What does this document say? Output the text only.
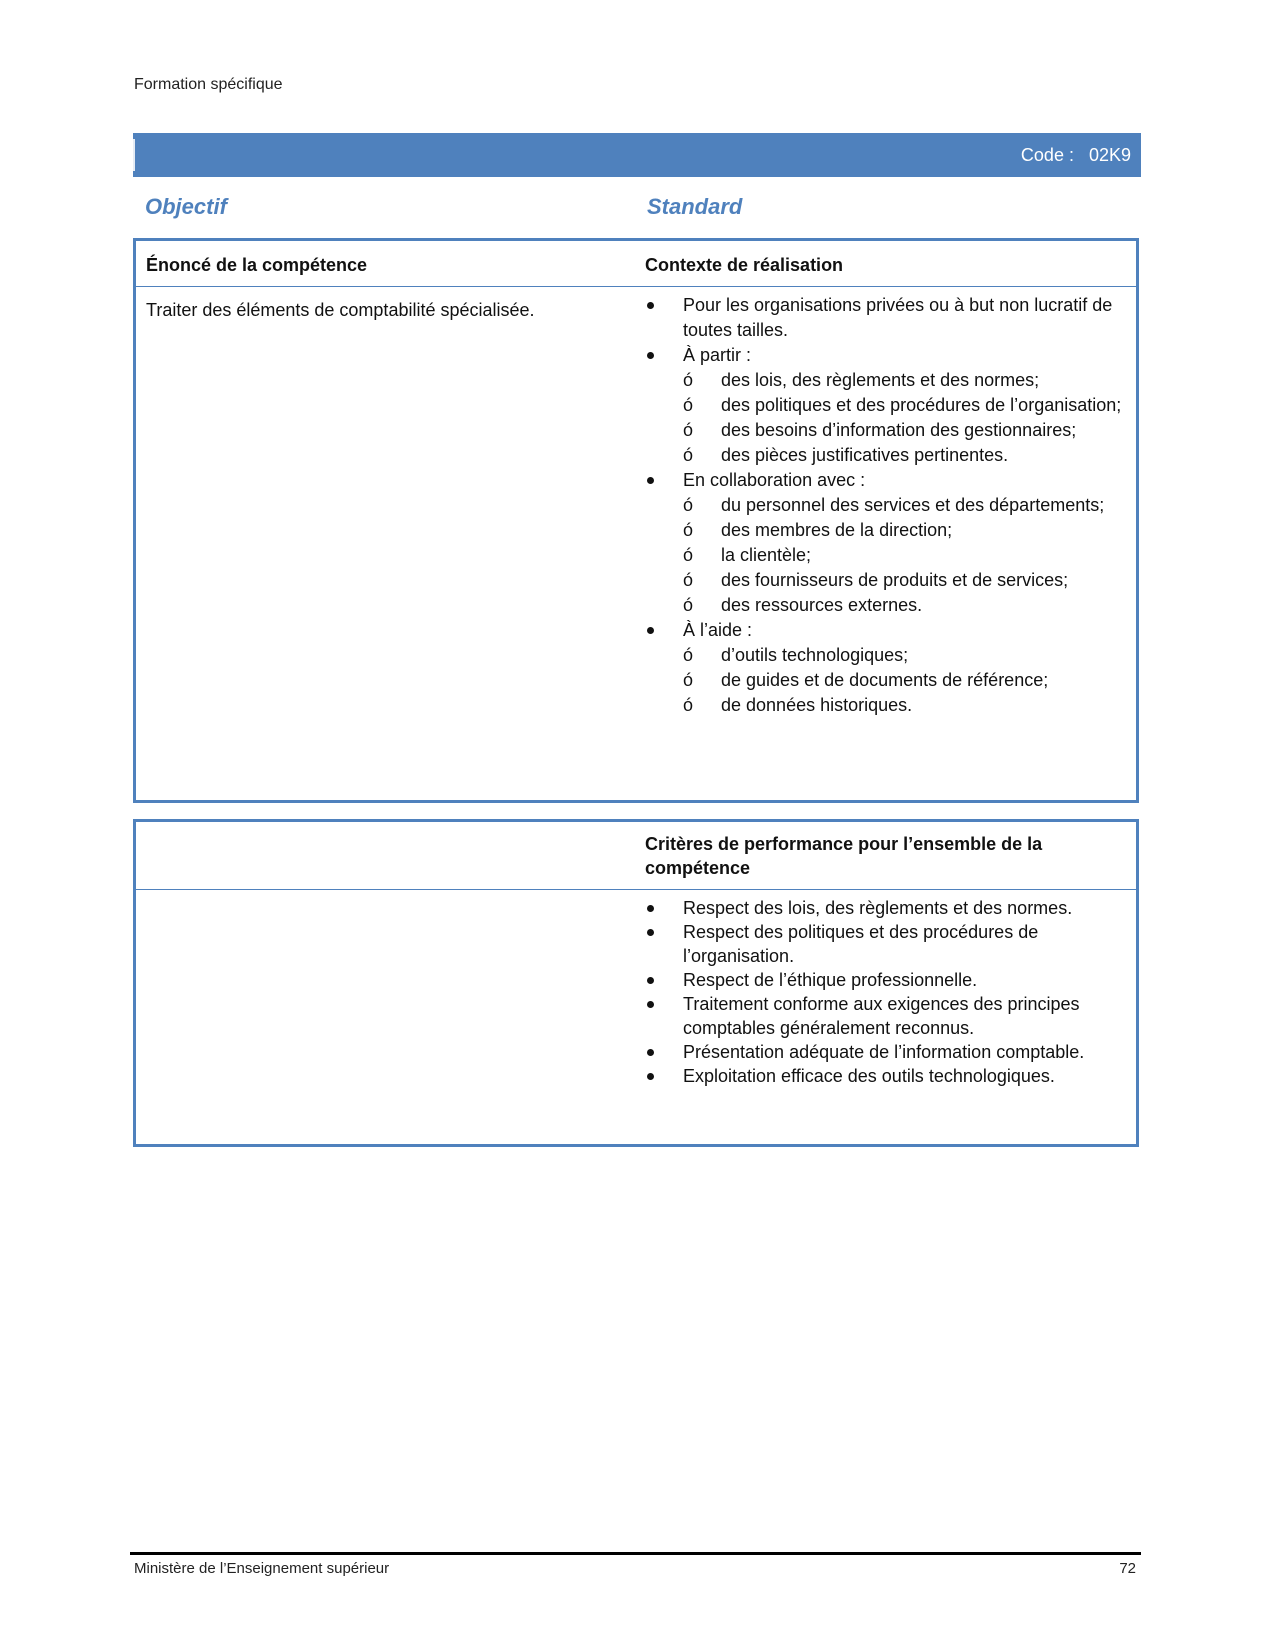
Formation spécifique
Code :   02K9
Objectif	Standard
Énoncé de la compétence	Contexte de réalisation
Traiter des éléments de comptabilité spécialisée.	Pour les organisations privées ou à but non lucratif de toutes tailles.
À partir :
ó des lois, des règlements et des normes;
ó des politiques et des procédures de l’organisation;
ó des besoins d’information des gestionnaires;
ó des pièces justificatives pertinentes.
En collaboration avec :
ó du personnel des services et des départements;
ó des membres de la direction;
ó la clientèle;
ó des fournisseurs de produits et de services;
ó des ressources externes.
À l’aide :
ó d’outils technologiques;
ó de guides et de documents de référence;
ó de données historiques.
Critères de performance pour l’ensemble de la compétence
Respect des lois, des règlements et des normes.
Respect des politiques et des procédures de l’organisation.
Respect de l’éthique professionnelle.
Traitement conforme aux exigences des principes comptables généralement reconnus.
Présentation adéquate de l’information comptable.
Exploitation efficace des outils technologiques.
Ministère de l’Enseignement supérieur	72
